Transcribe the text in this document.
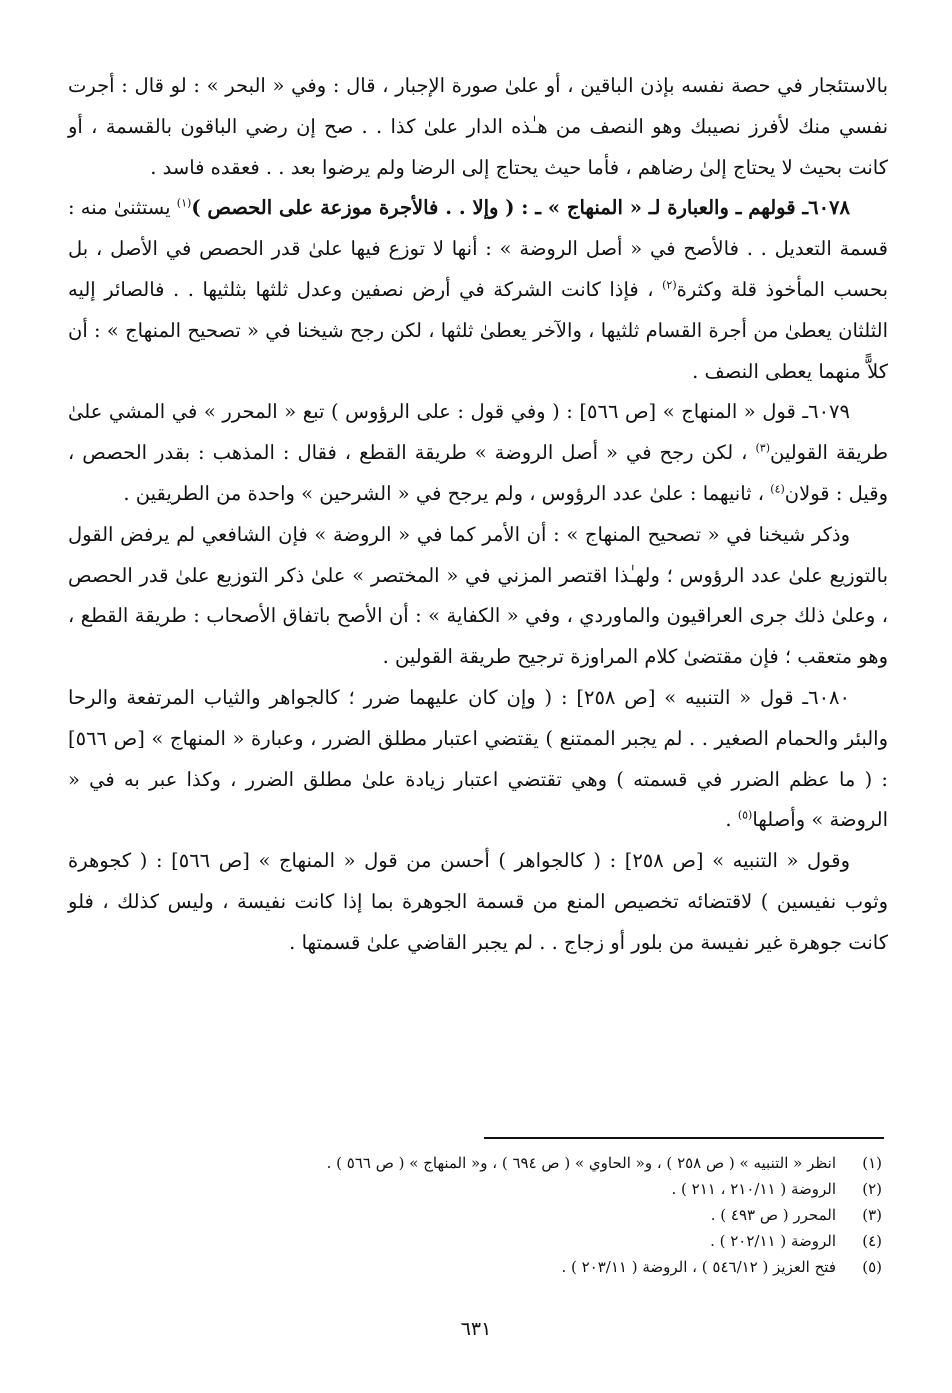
بالاستئجار في حصة نفسه بإذن الباقين ، أو علىٰ صورة الإجبار ، قال : وفي « البحر » : لو قال : أجرت نفسي منك لأفرز نصيبك وهو النصف من هـٰذه الدار علىٰ كذا . . صح إن رضي الباقون بالقسمة ، أو كانت بحيث لا يحتاج إلىٰ رضاهم ، فأما حيث يحتاج إلى الرضا ولم يرضوا بعد . . فعقده فاسد .

٦٠٧٨ـ قولهم ـ والعبارة لـ « المنهاج » ـ : ( وإلا . . فالأجرة موزعة على الحصص )$^{(١)}$ يستثنىٰ منه : قسمة التعديل . . فالأصح في « أصل الروضة » : أنها لا توزع فيها علىٰ قدر الحصص في الأصل ، بل بحسب المأخوذ قلة وكثرة$^{(٢)}$ ، فإذا كانت الشركة في أرض نصفين وعدل ثلثها بثلثيها . . فالصائر إليه الثلثان يعطىٰ من أجرة القسام ثلثيها ، والآخر يعطىٰ ثلثها ، لكن رجح شيخنا في « تصحيح المنهاج » : أن كلاًّ منهما يعطى النصف .

٦٠٧٩ـ قول « المنهاج » [ص ٥٦٦] : ( وفي قول : على الرؤوس ) تبع « المحرر » في المشي علىٰ طريقة القولين$^{(٣)}$ ، لكن رجح في « أصل الروضة » طريقة القطع ، فقال : المذهب : بقدر الحصص ، وقيل : قولان$^{(٤)}$ ، ثانيهما : علىٰ عدد الرؤوس ، ولم يرجح في « الشرحين » واحدة من الطريقين .

وذكر شيخنا في « تصحيح المنهاج » : أن الأمر كما في « الروضة » فإن الشافعي لم يرفض القول بالتوزيع علىٰ عدد الرؤوس ؛ ولهـٰذا اقتصر المزني في « المختصر » علىٰ ذكر التوزيع علىٰ قدر الحصص ، وعلىٰ ذلك جرى العراقيون والماوردي ، وفي « الكفاية » : أن الأصح باتفاق الأصحاب : طريقة القطع ، وهو متعقب ؛ فإن مقتضىٰ كلام المراوزة ترجيح طريقة القولين .

٦٠٨٠ـ قول « التنبيه » [ص ٢٥٨] : ( وإن كان عليهما ضرر ؛ كالجواهر والثياب المرتفعة والرحا والبئر والحمام الصغير . . لم يجبر الممتنع ) يقتضي اعتبار مطلق الضرر ، وعبارة « المنهاج » [ص ٥٦٦] : ( ما عظم الضرر في قسمته ) وهي تقتضي اعتبار زيادة علىٰ مطلق الضرر ، وكذا عبر به في « الروضة » وأصلها$^{(٥)}$ .

وقول « التنبيه » [ص ٢٥٨] : ( كالجواهر ) أحسن من قول « المنهاج » [ص ٥٦٦] : ( كجوهرة وثوب نفيسين ) لاقتضائه تخصيص المنع من قسمة الجوهرة بما إذا كانت نفيسة ، وليس كذلك ، فلو كانت جوهرة غير نفيسة من بلور أو زجاج . . لم يجبر القاضي علىٰ قسمتها .

(١)
انظر « التنبيه » ( ص ٢٥٨ ) ، و« الحاوي » ( ص ٦٩٤ ) ، و« المنهاج » ( ص ٥٦٦ ) .
(٢)
الروضة ( ٢١٠/١١ ، ٢١١ ) .
(٣)
المحرر ( ص ٤٩٣ ) .
(٤)
الروضة ( ٢٠٢/١١ ) .
(٥)
فتح العزيز ( ٥٤٦/١٢ ) ، الروضة ( ٢٠٣/١١ ) .
٦٣١
